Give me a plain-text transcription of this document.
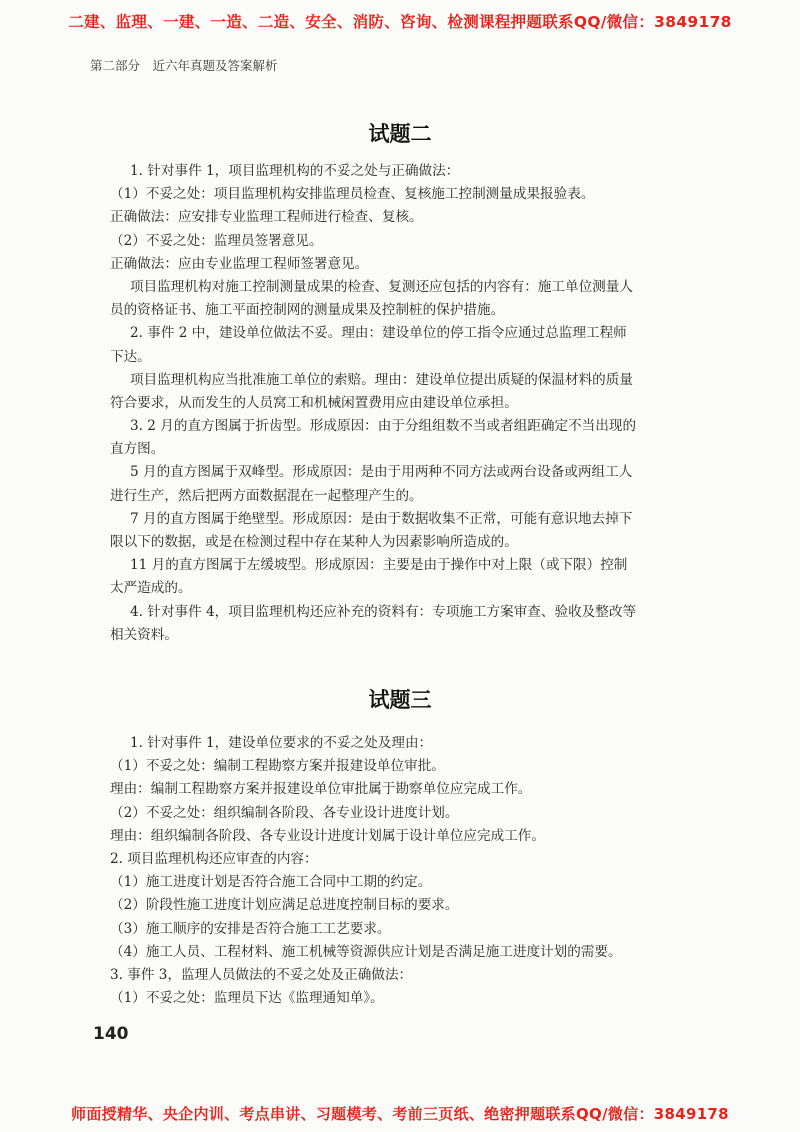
二建、监理、一建、一造、二造、安全、消防、咨询、检测课程押题联系QQ/微信：3849178
第二部分　近六年真题及答案解析
试题二
1. 针对事件 1，项目监理机构的不妥之处与正确做法：
（1）不妥之处：项目监理机构安排监理员检查、复核施工控制测量成果报验表。
正确做法：应安排专业监理工程师进行检查、复核。
（2）不妥之处：监理员签署意见。
正确做法：应由专业监理工程师签署意见。
项目监理机构对施工控制测量成果的检查、复测还应包括的内容有：施工单位测量人
员的资格证书、施工平面控制网的测量成果及控制桩的保护措施。
2. 事件 2 中，建设单位做法不妥。理由：建设单位的停工指令应通过总监理工程师
下达。
项目监理机构应当批准施工单位的索赔。理由：建设单位提出质疑的保温材料的质量
符合要求，从而发生的人员窝工和机械闲置费用应由建设单位承担。
3. 2 月的直方图属于折齿型。形成原因：由于分组组数不当或者组距确定不当出现的
直方图。
5 月的直方图属于双峰型。形成原因：是由于用两种不同方法或两台设备或两组工人
进行生产，然后把两方面数据混在一起整理产生的。
7 月的直方图属于绝壁型。形成原因：是由于数据收集不正常，可能有意识地去掉下
限以下的数据，或是在检测过程中存在某种人为因素影响所造成的。
11 月的直方图属于左缓坡型。形成原因：主要是由于操作中对上限（或下限）控制
太严造成的。
4. 针对事件 4，项目监理机构还应补充的资料有：专项施工方案审查、验收及整改等
相关资料。
试题三
1. 针对事件 1，建设单位要求的不妥之处及理由：
（1）不妥之处：编制工程勘察方案并报建设单位审批。
理由：编制工程勘察方案并报建设单位审批属于勘察单位应完成工作。
（2）不妥之处：组织编制各阶段、各专业设计进度计划。
理由：组织编制各阶段、各专业设计进度计划属于设计单位应完成工作。
2. 项目监理机构还应审查的内容：
（1）施工进度计划是否符合施工合同中工期的约定。
（2）阶段性施工进度计划应满足总进度控制目标的要求。
（3）施工顺序的安排是否符合施工工艺要求。
（4）施工人员、工程材料、施工机械等资源供应计划是否满足施工进度计划的需要。
3. 事件 3，监理人员做法的不妥之处及正确做法：
（1）不妥之处：监理员下达《监理通知单》。
140
师面授精华、央企内训、考点串讲、习题模考、考前三页纸、绝密押题联系QQ/微信：3849178
